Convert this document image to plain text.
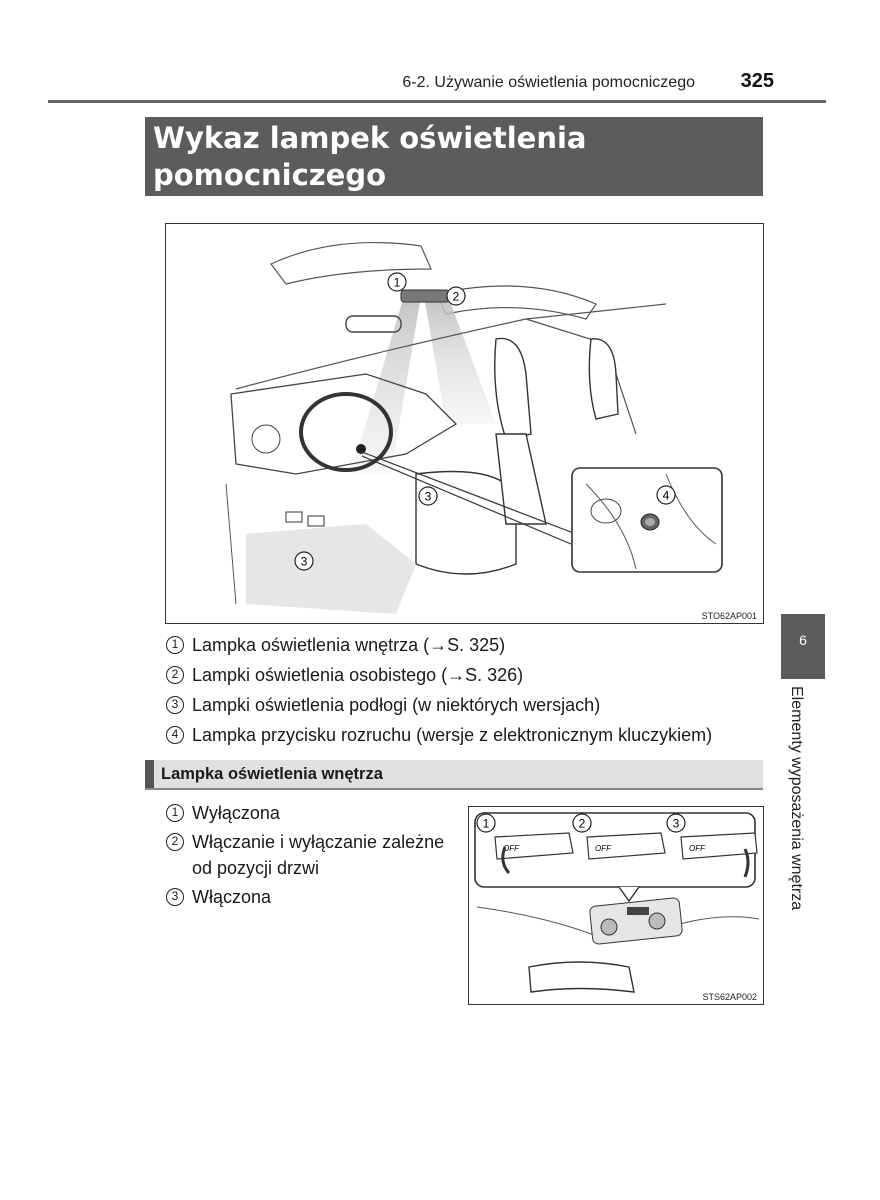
6-2. Używanie oświetlenia pomocniczego	325
Wykaz lampek oświetlenia
pomocniczego
1
2
3
3
4
STO62AP001
1 Lampka oświetlenia wnętrza (→S. 325)
2 Lampki oświetlenia osobistego (→S. 326)
3 Lampki oświetlenia podłogi (w niektórych wersjach)
4 Lampka przycisku rozruchu (wersje z elektronicznym kluczykiem)
Lampka oświetlenia wnętrza
1 Wyłączona
2 Włączanie i wyłączanie zależne
od pozycji drzwi
3 Włączona
OFF	OFF	OFF
1	2	3
STS62AP002
6
Elementy wyposażenia wnętrza
